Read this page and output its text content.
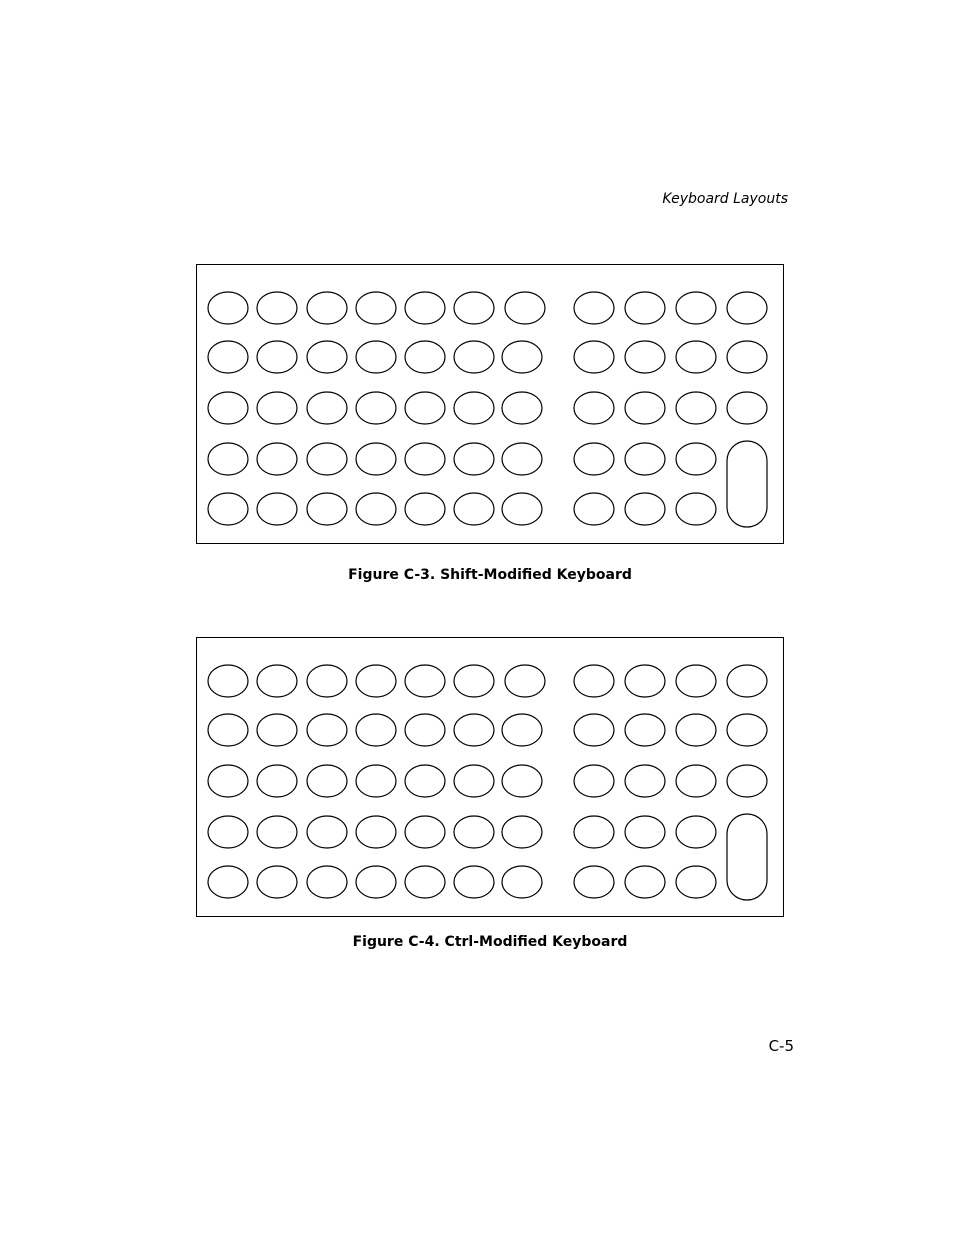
Keyboard Layouts
Figure C-3. Shift-Modified Keyboard
Figure C-4. Ctrl-Modified Keyboard
C-5
